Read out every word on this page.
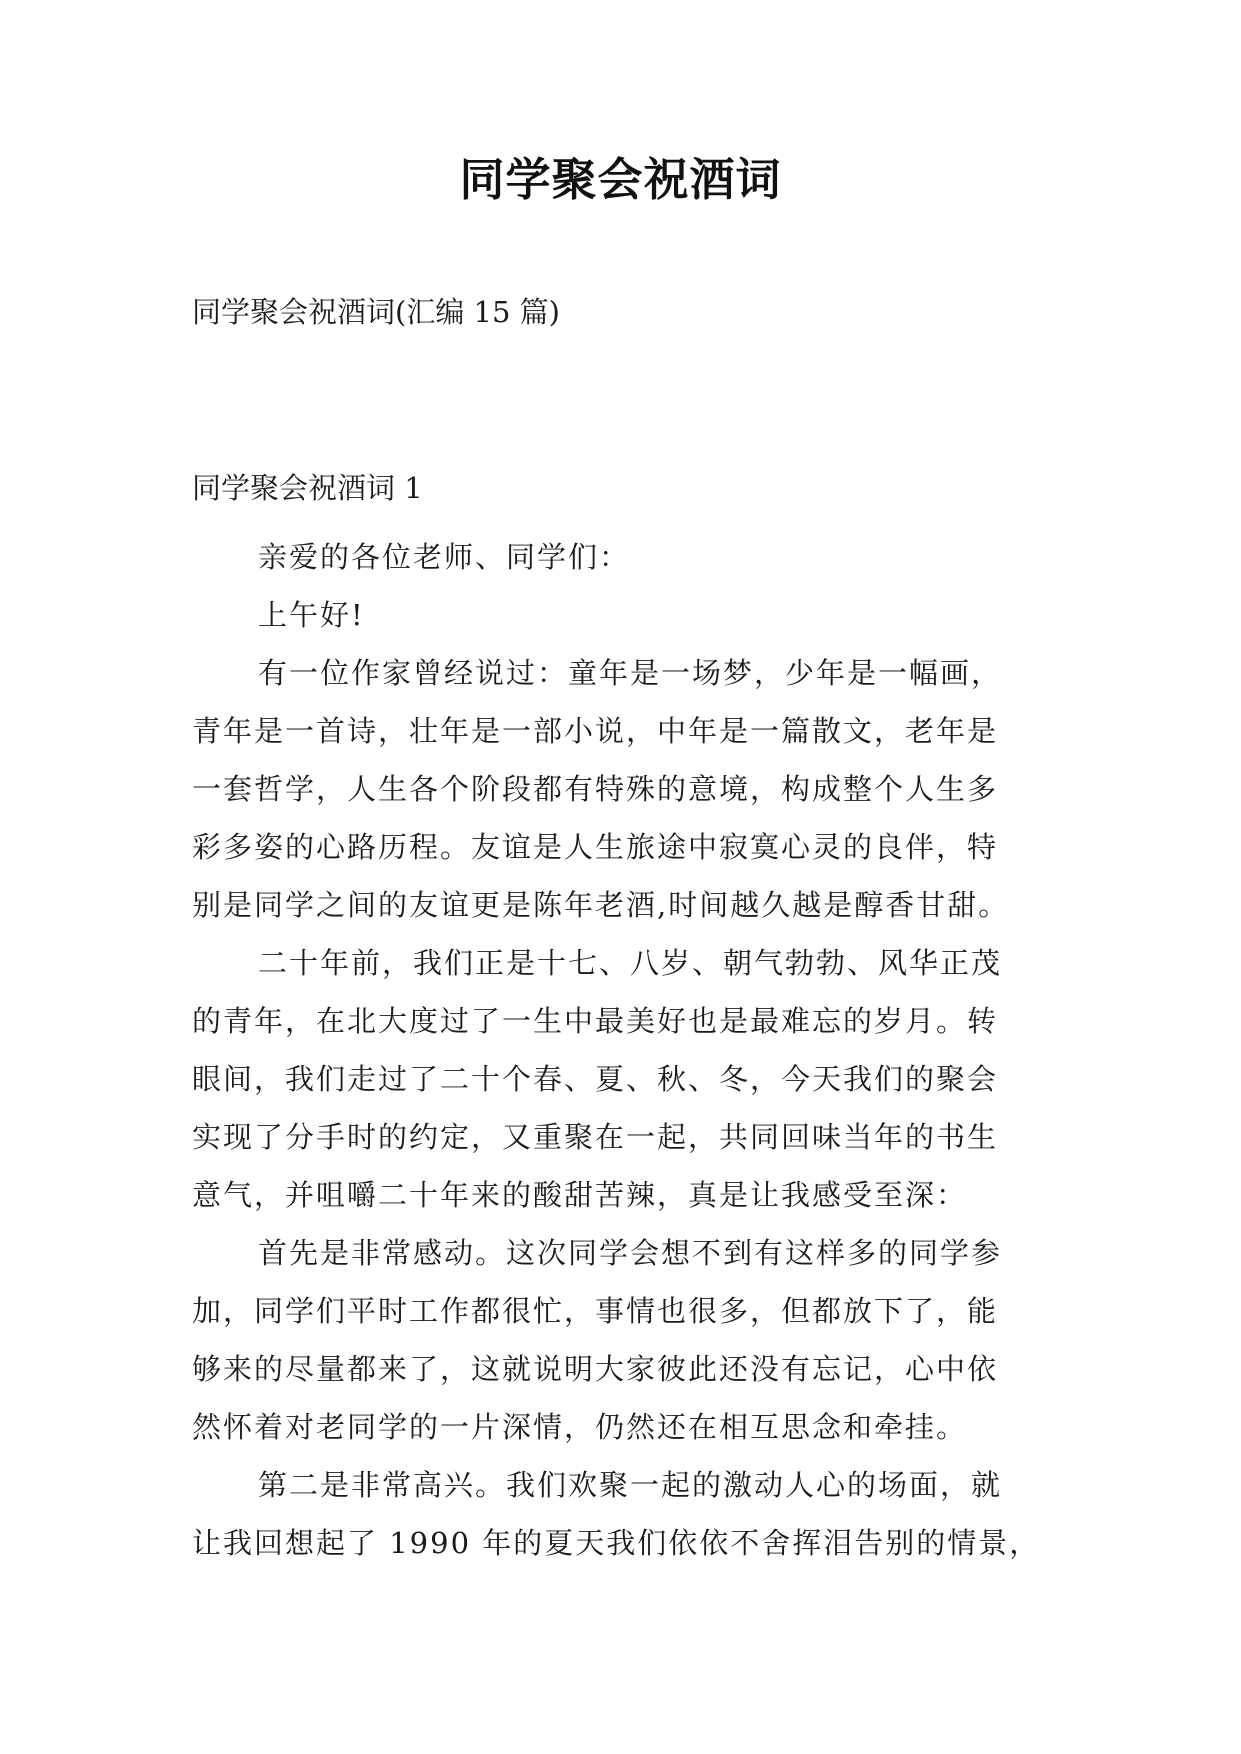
同学聚会祝酒词
同学聚会祝酒词(汇编 15 篇)
同学聚会祝酒词 1
亲爱的各位老师、同学们：
上午好!
有一位作家曾经说过：童年是一场梦，少年是一幅画，
青年是一首诗，壮年是一部小说，中年是一篇散文，老年是
一套哲学，人生各个阶段都有特殊的意境，构成整个人生多
彩多姿的心路历程。友谊是人生旅途中寂寞心灵的良伴，特
别是同学之间的友谊更是陈年老酒,时间越久越是醇香甘甜。
二十年前，我们正是十七、八岁、朝气勃勃、风华正茂
的青年，在北大度过了一生中最美好也是最难忘的岁月。转
眼间，我们走过了二十个春、夏、秋、冬，今天我们的聚会
实现了分手时的约定，又重聚在一起，共同回味当年的书生
意气，并咀嚼二十年来的酸甜苦辣，真是让我感受至深：
首先是非常感动。这次同学会想不到有这样多的同学参
加，同学们平时工作都很忙，事情也很多，但都放下了，能
够来的尽量都来了，这就说明大家彼此还没有忘记，心中依
然怀着对老同学的一片深情，仍然还在相互思念和牵挂。
第二是非常高兴。我们欢聚一起的激动人心的场面，就
让我回想起了 1990 年的夏天我们依依不舍挥泪告别的情景，
